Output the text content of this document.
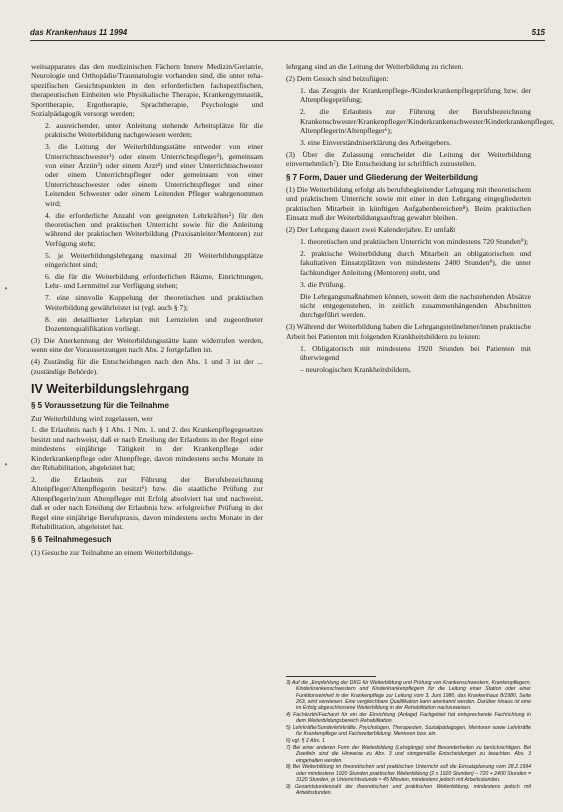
das Krankenhaus 11 1994	515
◔
◔

weitsapparates das den medizinischen Fächern Innere Medizin/Geriatrie, Neurologie und Orthopädie/Traumatologie vorhanden sind, die unter reha-spezifischen Gesichtspunkten in den erforderlichen fachspezifischen, therapeutischen Einheiten wie Physikalische Therapie, Krankengymnastik, Sporttherapie, Ergotherapie, Sprachtherapie, Psychologie und Sozialpädagogik versorgt werden;

2. ausreichender, unter Anleitung stehende Arbeitsplätze für die praktische Weiterbildung nachgewiesen werden;

3. die Leitung der Weiterbildungsstätte entweder von einer Unterrichtsschwester¹) oder einem Unterrichtspfleger²), gemeinsam von einer Ärztin³) oder einem Arzt⁴) und einer Unterrichtsschwester oder einem Unterrichtspfleger oder gemeinsam von einer Unterrichtsschwester oder einem Unterrichtspfleger und einer Leitenden Schwester oder einem Leitenden Pfleger wahrgenommen wird;

4. die erforderliche Anzahl von geeigneten Lehrkräften⁵) für den theoretischen und praktischen Unterricht sowie für die Anleitung während der praktischen Weiterbildung (Praxisanleiter/Mentoren) zur Verfügung steht;

5. je Weiterbildungslehrgang maximal 20 Weiterbildungsplätze eingerichtet sind;

6. die für die Weiterbildung erforderlichen Räume, Einrichtungen, Lehr- und Lernmittel zur Verfügung stehen;

7. eine sinnvolle Koppelung der theoretischen und praktischen Weiterbildung gewährleistet ist (vgl. auch § 7);

8. ein detaillierter Lehrplan mit Lernzielen und zugeordneter Dozentenqualifikation vorliegt.

(3) Die Anerkennung der Weiterbildungsstätte kann widerrufen werden, wenn eine der Voraussetzungen nach Abs. 2 fortgefallen ist.

(4) Zuständig für die Entscheidungen nach den Abs. 1 und 3 ist der ... (zuständige Behörde).

IV Weiterbildungslehrgang
§ 5 Voraussetzung für die Teilnahme

Zur Weiterbildung wird zugelassen, wer

1. die Erlaubnis nach § 1 Abs. 1 Nrn. 1. und 2. des Krankenpflegegesetzes besitzt und nachweist, daß er nach Erteilung der Erlaubnis in der Regel eine mindestens einjährige Tätigkeit in der Krankenpflege oder Kinderkrankenpflege oder Altenpflege, davon mindestens sechs Monate in der Rehabilitation, abgeleistet hat;

2. die Erlaubnis zur Führung der Berufsbezeichnung Altenpfleger/Altenpflegerin besitzt⁶) bzw. die staatliche Prüfung zur Altenpflegerin/zum Altenpfleger mit Erfolg absolviert hat und nachweist, daß er oder nach Erteilung der Erlaubnis bzw. erfolgreicher Prüfung in der Regel eine einjährige Berufspraxis, davon mindestens sechs Monate in der Rehabilitation, abgeleistet hat.

§ 6 Teilnahmegesuch

(1) Gesuche zur Teilnahme an einem Weiterbildungs-

lehrgang sind an die Leitung der Weiterbildung zu richten.

(2) Dem Gesuch sind beizufügen:

1. das Zeugnis der Krankenpflege-/Kinderkrankenpflegeprüfung bzw. der Altenpflegeprüfung;

2. die Erlaubnis zur Führung der Berufsbezeichnung Krankenschwester/Krankenpfleger/Kinderkrankenschwester/Kinderkrankenpfleger, Altenpflegerin/Altenpfleger⁶);

3. eine Einverständniserklärung des Arbeitgebers.

(3) Über die Zulassung entscheidet die Leitung der Weiterbildung einvernehmlich⁷). Die Entscheidung ist schriftlich zuzustellen.

§ 7 Form, Dauer und Gliederung der Weiterbildung

(1) Die Weiterbildung erfolgt als berufsbegleitender Lehrgang mit theoretischem und praktischem Unterricht sowie mit einer in den Lehrgang eingegliederten praktischen Mitarbeit in künftigen Aufgabenbereichen⁸). Beim praktischen Einsatz muß der Weiterbildungsauftrag gewahrt bleiben.

(2) Der Lehrgang dauert zwei Kalenderjahre. Er umfaßt

1. theoretischen und praktischen Unterricht von mindestens 720 Stunden⁹);

2. praktische Weiterbildung durch Mitarbeit an obligatorischen und fakultativen Einsatzplätzen von mindestens 2400 Stunden⁹), die unter fachkundiger Anleitung (Mentoren) steht, und

3. die Prüfung.

Die Lehrgangsmaßnahmen können, soweit dem die nachstehenden Absätze nicht entgegenstehen, in zeitlich zusammenhängenden Abschnitten durchgeführt werden.

(3) Während der Weiterbildung haben die Lehrgangsteilnehmer/innen praktische Arbeit bei Patienten mit folgenden Krankheitsbildern zu leisten:

1. Obligatorisch mit mindestens 1920 Stunden bei Patienten mit überwiegend

– neurologischen Krankheitsbildern,

3) Auf die „Empfehlung der DKG für Weiterbildung und Prüfung von Krankenschwestern, Krankenpflegern, Kinderkrankenschwestern und Kinderkrankenpflegern für die Leitung einer Station oder einer Funktionseinheit in der Krankenpflege zur Leitung vom 3. Juni 1980, das Krankenhaus 8/1980, Seite 263, wird verwiesen. Eine vergleichbare Qualifikation kann anerkannt werden. Darüber hinaus ist eine im Erfolg abgeschlossene Weiterbildung in der Rehabilitation nachzuweisen.

4) Fachärztin/Facharzt für ein der Einrichtung (Anlage) Fachgebiet hat entsprechende Fachrichtung in dem Weiterbildungsbereich Rehabilitation.

5) Lehrkräfte/Sonderlehrkräfte, Psychologen, Therapeuten, Sozialpädagogen, Mentoren sowie Lehrkräfte für Krankenpflege und Fachweiterbildung. Mentoren bzw. ein.

6) vgl. § 2 Abs. 1

7) Bei einer anderen Form der Weiterbildung (Lehrgänge) sind Besonderheiten zu berücksichtigen. Bei Zweifeln sind die Hinweise zu Abs. 3 und sinngemäße Entscheidungen zu beachten. Abs. 3 eingehalten werden.

8) Bei Weiterbildung im theoretischen und praktischen Unterricht soll die Einsatzplanung vom 28.2.1994 oder mindestens 1920 Stunden praktischer Weiterbildung (2 x 1920 Stunden) – 720 + 2400 Stunden = 3120 Stunden; je Unterrichtsstunde ≈ 45 Minuten, mindestens jedoch mit Arbeitsstunden.

9) Gesamtstundenzahl der theoretischen und praktischen Weiterbildung, mindestens jedoch mit Arbeitsstunden.
